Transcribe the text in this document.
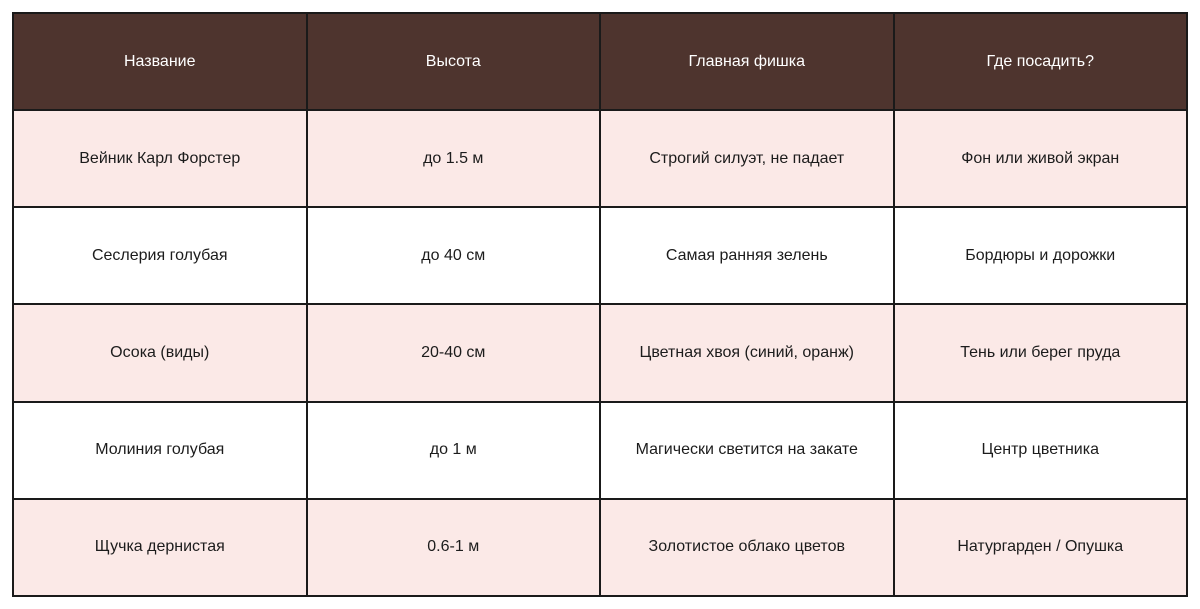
Название	Высота	Главная фишка	Где посадить?
Вейник Карл Форстер	до 1.5 м	Строгий силуэт, не падает	Фон или живой экран
Сеслерия голубая	до 40 см	Самая ранняя зелень	Бордюры и дорожки
Осока (виды)	20-40 см	Цветная хвоя (синий, оранж)	Тень или берег пруда
Молиния голубая	до 1 м	Магически светится на закате	Центр цветника
Щучка дернистая	0.6-1 м	Золотистое облако цветов	Натургарден / Опушка
